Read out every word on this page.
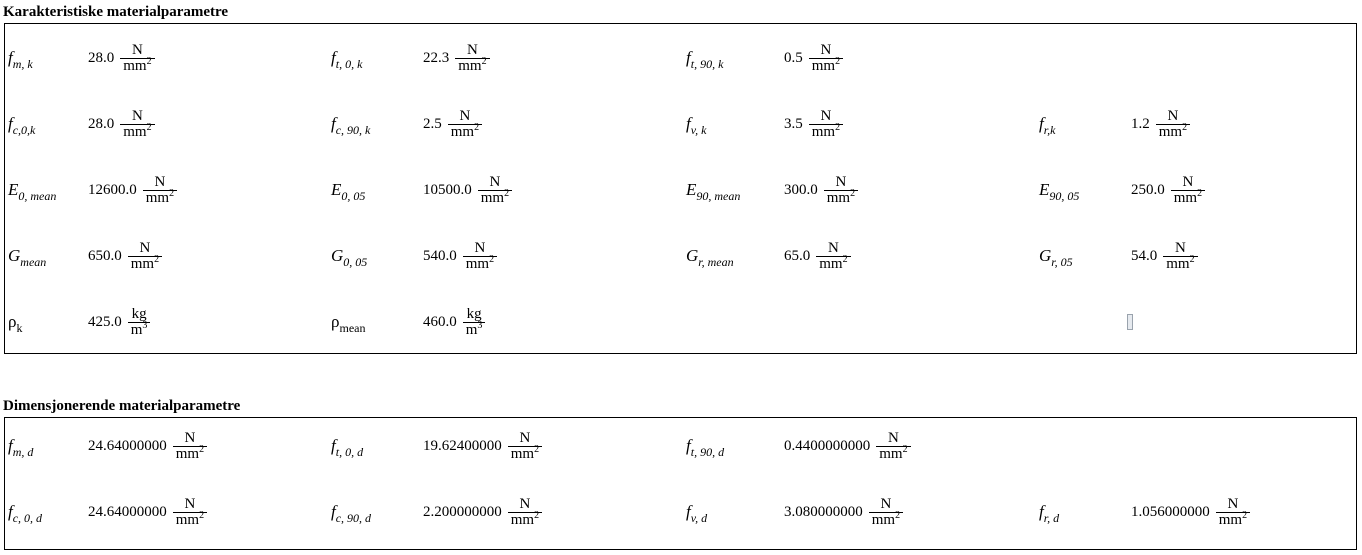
Karakteristiske materialparametre
Dimensjonerende materialparametre
$f_{m, k}$	$28.0 \frac{N}{mm^2}$	$f_{t, 0, k}$	$22.3 \frac{N}{mm^2}$	$f_{t, 90, k}$	$0.5 \frac{N}{mm^2}$
$f_{c,0,k}$	$28.0 \frac{N}{mm^2}$	$f_{c, 90, k}$	$2.5 \frac{N}{mm^2}$	$f_{v, k}$	$3.5 \frac{N}{mm^2}$	$f_{r,k}$	$1.2 \frac{N}{mm^2}$
$E_{0, mean}$ $12600.0 \frac{N}{mm^2}$	$E_{0, 05}$	$10500.0 \frac{N}{mm^2}$	$E_{90, mean}$	$300.0 \frac{N}{mm^2}$	$E_{90, 05}$	$250.0 \frac{N}{mm^2}$
$G_{mean}$	$650.0 \frac{N}{mm^2}$	$G_{0, 05}$	$540.0 \frac{N}{mm^2}$	$G_{r, mean}$	$65.0 \frac{N}{mm^2}$	$G_{r, 05}$	$54.0 \frac{N}{mm^2}$
$\rho_k$	$425.0 \frac{kg}{m^3}$	$\rho_{mean}$	$460.0 \frac{kg}{m^3}$
$f_{m, d}$	$24.64000000 \frac{N}{mm^2}$	$f_{t, 0, d}$	$19.62400000 \frac{N}{mm^2}$	$f_{t, 90, d}$	$0.4400000000 \frac{N}{mm^2}$
$f_{c, 0, d}$	$24.64000000 \frac{N}{mm^2}$	$f_{c, 90, d}$	$2.200000000 \frac{N}{mm^2}$	$f_{v, d}$	$3.080000000 \frac{N}{mm^2}$	$f_{r, d}$	$1.056000000 \frac{N}{mm^2}$
